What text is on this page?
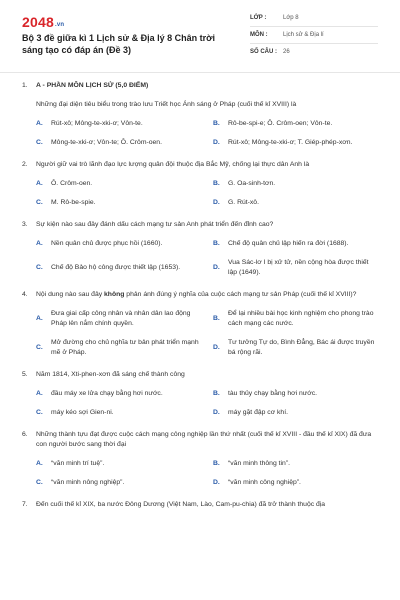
2048.vn
Bộ 3 đề giữa kì 1 Lịch sử & Địa lý 8 Chân trời sáng tạo có đáp án (Đề 3)
LỚP :	Lớp 8
MÔN :	Lịch sử & Địa lí
SỐ CÂU :	26
1.	A - PHẦN MÔN LỊCH SỬ (5,0 ĐIỂM)
Những đại diện tiêu biểu trong trào lưu Triết học Ánh sáng ở Pháp (cuối thế kỉ XVIII) là
A.	Rút-xô; Mông-te-xki-ơ; Vôn-te.	B.	Rô-be-spi-e; Ô. Crôm-oen; Vôn-te.
C.	Mông-te-xki-ơ; Vôn-te; Ô. Crôm-oen.	D.	Rút-xô; Mông-te-xki-ơ; T. Giép-phép-xơn.
2.	Người giữ vai trò lãnh đạo lực lượng quân đội thuộc địa Bắc Mỹ, chống lại thực dân Anh là
A.	Ô. Crôm-oen.	B.	G. Oa-sinh-tơn.
C.	M. Rô-be-spie.	D.	G. Rút-xô.
3.	Sự kiện nào sau đây đánh dấu cách mạng tư sản Anh phát triển đến đỉnh cao?
A.	Nền quân chủ được phục hồi (1660).	B.	Chế độ quân chủ lập hiến ra đời (1688).
C.	Chế độ Bảo hộ công được thiết lập (1653).	D.
Vua Sác-lơ I bị xử tử, nền cộng hòa được thiết lập (1649).
4.	Nội dung nào sau đây không phản ánh đúng ý nghĩa của cuộc cách mạng tư sản Pháp (cuối thế kỉ XVIII)?
A.
Đưa giai cấp công nhân và nhân dân lao động Pháp lên nắm chính quyền.
B.
Để lại nhiều bài học kinh nghiệm cho phong trào cách mạng các nước.
C.
Mở đường cho chủ nghĩa tư bản phát triển mạnh mẽ ở Pháp.
D.
Tư tưởng Tự do, Bình Đẳng, Bác ái được truyền bá rộng rãi.
5.	Năm 1814, Xti-phen-xơn đã sáng chế thành công
A.	đầu máy xe lửa chạy bằng hơi nước.	B.	tàu thủy chạy bằng hơi nước.
C.	máy kéo sợi Gien-ni.	D.	máy gặt đập cơ khí.
6.	Những thành tựu đạt được cuộc cách mạng công nghiệp lần thứ nhất (cuối thế kỉ XVIII - đầu thế kỉ XIX) đã đưa con người bước sang thời đại
A.	“văn minh trí tuệ”.	B.	“văn minh thông tin”.
C.	“văn minh nông nghiệp”.	D.	“văn minh công nghiệp”.
7.	Đến cuối thế kỉ XIX, ba nước Đông Dương (Việt Nam, Lào, Cam-pu-chia) đã trở thành thuộc địa
